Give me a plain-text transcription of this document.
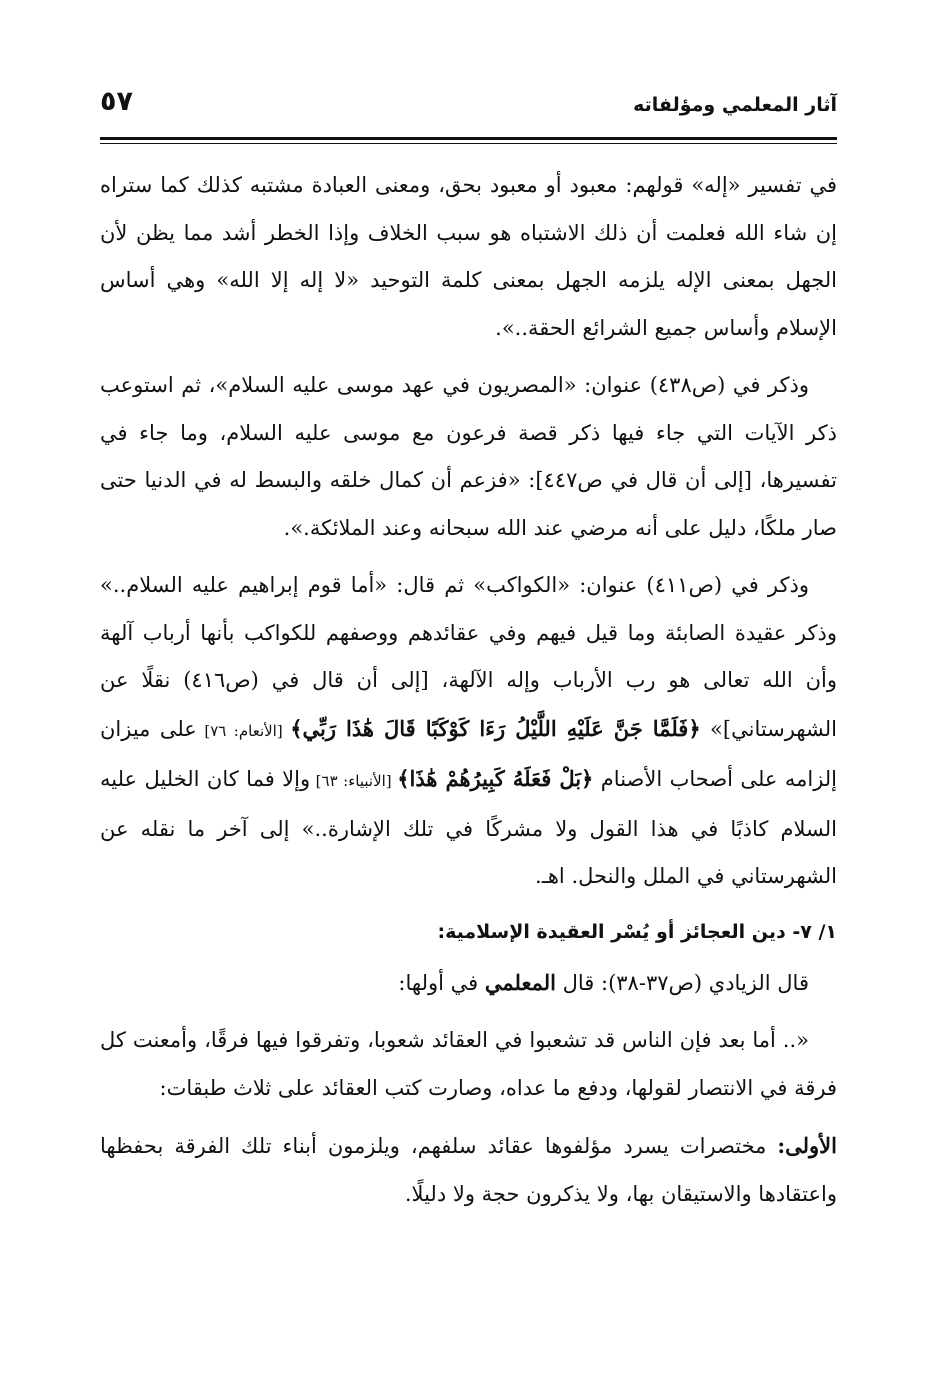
آثار المعلمي ومؤلفاته
٥٧

في تفسير «إله» قولهم: معبود أو معبود بحق، ومعنى العبادة مشتبه كذلك كما ستراه إن شاء الله فعلمت أن ذلك الاشتباه هو سبب الخلاف وإذا الخطر أشد مما يظن لأن الجهل بمعنى الإله يلزمه الجهل بمعنى كلمة التوحيد «لا إله إلا الله» وهي أساس الإسلام وأساس جميع الشرائع الحقة..».

وذكر في (ص٤٣٨) عنوان: «المصريون في عهد موسى عليه السلام»، ثم استوعب ذكر الآيات التي جاء فيها ذكر قصة فرعون مع موسى عليه السلام، وما جاء في تفسيرها، [إلى أن قال في ص٤٤٧]: «فزعم أن كمال خلقه والبسط له في الدنيا حتى صار ملكًا، دليل على أنه مرضي عند الله سبحانه وعند الملائكة.».

وذكر في (ص٤١١) عنوان: «الكواكب» ثم قال: «أما قوم إبراهيم عليه السلام..» وذكر عقيدة الصابئة وما قيل فيهم وفي عقائدهم ووصفهم للكواكب بأنها أرباب آلهة وأن الله تعالى هو رب الأرباب وإله الآلهة، [إلى أن قال في (ص٤١٦) نقلًا عن الشهرستاني]» ﴿فَلَمَّا جَنَّ عَلَيْهِ اللَّيْلُ رَءَا كَوْكَبًا قَالَ هَٰذَا رَبِّي﴾ [الأنعام: ٧٦] على ميزان إلزامه على أصحاب الأصنام ﴿بَلْ فَعَلَهُ كَبِيرُهُمْ هَٰذَا﴾ [الأنبياء: ٦٣] وإلا فما كان الخليل عليه السلام كاذبًا في هذا القول ولا مشركًا في تلك الإشارة..» إلى آخر ما نقله عن الشهرستاني في الملل والنحل. اهـ.

١/ ٧- دين العجائز أو يُسْر العقيدة الإسلامية:

قال الزيادي (ص٣٧-٣٨): قال المعلمي في أولها:

«.. أما بعد فإن الناس قد تشعبوا في العقائد شعوبا، وتفرقوا فيها فرقًا، وأمعنت كل فرقة في الانتصار لقولها، ودفع ما عداه، وصارت كتب العقائد على ثلاث طبقات:

الأولى: مختصرات يسرد مؤلفوها عقائد سلفهم، ويلزمون أبناء تلك الفرقة بحفظها واعتقادها والاستيقان بها، ولا يذكرون حجة ولا دليلًا.
